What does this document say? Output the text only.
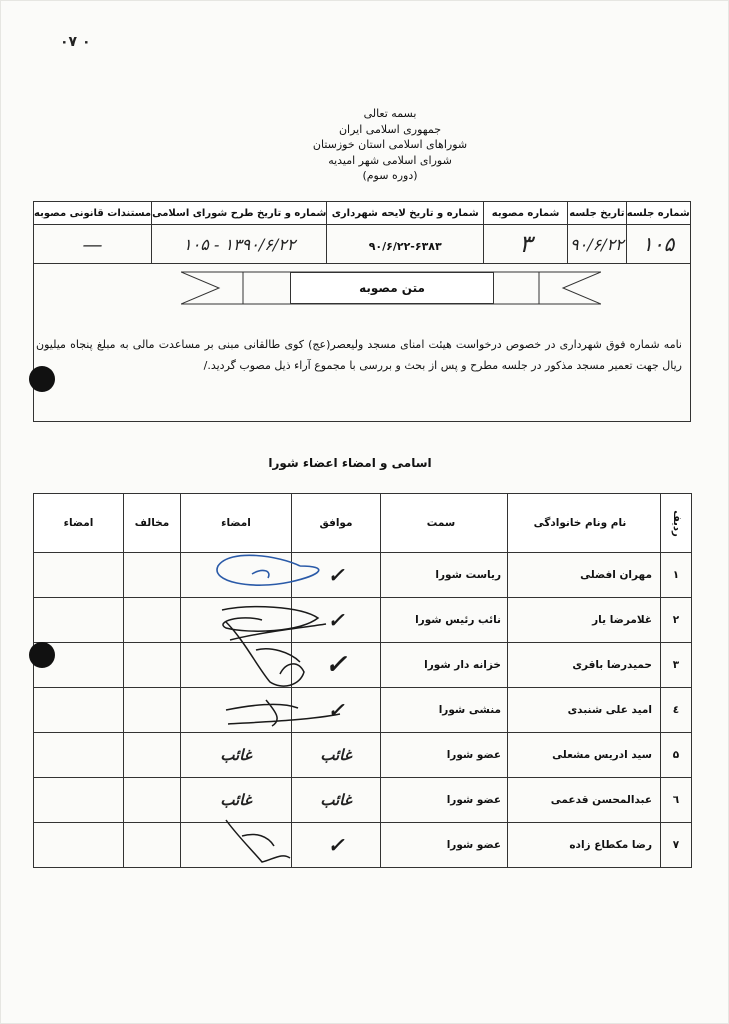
۰۷ ۰
بسمه تعالی
جمهوری اسلامی ایران
شوراهای اسلامی استان خوزستان
شورای اسلامی شهر امیدیه
(دوره سوم)
شماره جلسه	تاریخ جلسه	شماره مصوبه	شماره و تاریخ لایحه شهرداری	شماره و تاریخ طرح شورای اسلامی	مستندات قانونی مصوبه
۱۰۵	۹۰/۶/۲۲	۳	۹۰/۶/۲۲-۶۳۸۳	۱۳۹۰/۶/۲۲ - ۱۰۵	—
متن مصوبه
نامه شماره فوق شهرداری در خصوص درخواست هیئت امنای مسجد ولیعصر(عج) کوی طالقانی مبنی بر مساعدت مالی به مبلغ پنجاه میلیون ریال جهت تعمیر مسجد مذکور در جلسه مطرح و پس از بحث و بررسی با مجموع آراء ذیل مصوب گردید./
اسامی و امضاء اعضاء شورا
ردیف	نام ونام خانوادگی	سمت	موافق	امضاء	مخالف	امضاء
۱	مهران افضلی	ریاست شورا	✓			
۲	غلامرضا یار	نائب رئیس شورا	✓			
۳	حمیدرضا باقری	خزانه دار شورا	✓			
٤	امید علی شنبدی	منشی شورا	✓			
۵	سید ادریس مشعلی	عضو شورا	غائب	غائب		
٦	عبدالمحسن قدعمی	عضو شورا	غائب	غائب		
۷	رضا مکطاع زاده	عضو شورا	✓			
